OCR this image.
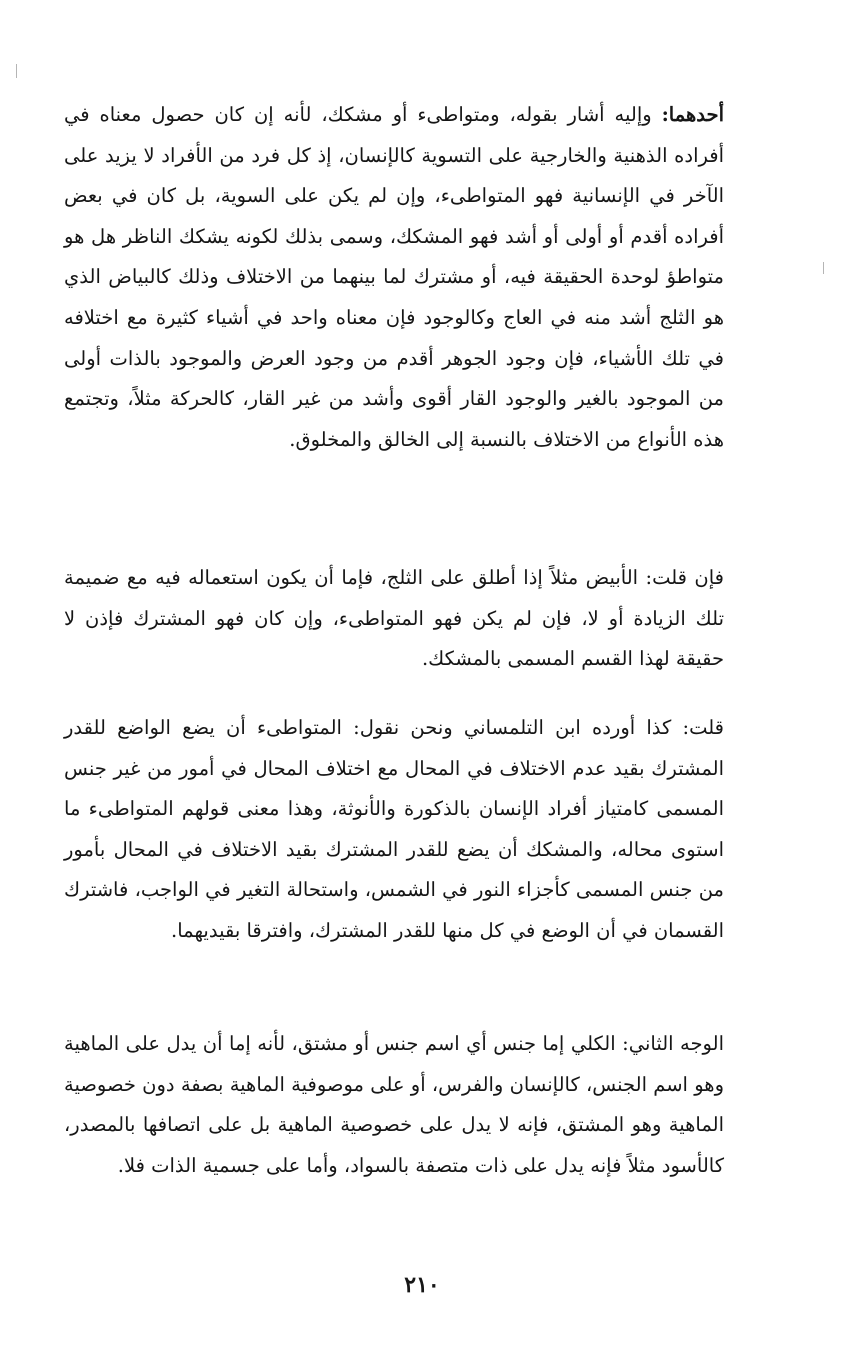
أحدهما: وإليه أشار بقوله، ومتواطىء أو مشكك، لأنه إن كان حصول معناه في أفراده الذهنية والخارجية على التسوية كالإنسان، إذ كل فرد من الأفراد لا يزيد على الآخر في الإنسانية فهو المتواطىء، وإن لم يكن على السوية، بل كان في بعض أفراده أقدم أو أولى أو أشد فهو المشكك، وسمى بذلك لكونه يشكك الناظر هل هو متواطؤ لوحدة الحقيقة فيه، أو مشترك لما بينهما من الاختلاف وذلك كالبياض الذي هو الثلج أشد منه في العاج وكالوجود فإن معناه واحد في أشياء كثيرة مع اختلافه في تلك الأشياء، فإن وجود الجوهر أقدم من وجود العرض والموجود بالذات أولى من الموجود بالغير والوجود القار أقوى وأشد من غير القار، كالحركة مثلاً، وتجتمع هذه الأنواع من الاختلاف بالنسبة إلى الخالق والمخلوق.

فإن قلت: الأبيض مثلاً إذا أطلق على الثلج، فإما أن يكون استعماله فيه مع ضميمة تلك الزيادة أو لا، فإن لم يكن فهو المتواطىء، وإن كان فهو المشترك فإذن لا حقيقة لهذا القسم المسمى بالمشكك.

قلت: كذا أورده ابن التلمساني ونحن نقول: المتواطىء أن يضع الواضع للقدر المشترك بقيد عدم الاختلاف في المحال مع اختلاف المحال في أمور من غير جنس المسمى كامتياز أفراد الإنسان بالذكورة والأنوثة، وهذا معنى قولهم المتواطىء ما استوى محاله، والمشكك أن يضع للقدر المشترك بقيد الاختلاف في المحال بأمور من جنس المسمى كأجزاء النور في الشمس، واستحالة التغير في الواجب، فاشترك القسمان في أن الوضع في كل منها للقدر المشترك، وافترقا بقيديهما.

الوجه الثاني: الكلي إما جنس أي اسم جنس أو مشتق، لأنه إما أن يدل على الماهية وهو اسم الجنس، كالإنسان والفرس، أو على موصوفية الماهية بصفة دون خصوصية الماهية وهو المشتق، فإنه لا يدل على خصوصية الماهية بل على اتصافها بالمصدر، كالأسود مثلاً فإنه يدل على ذات متصفة بالسواد، وأما على جسمية الذات فلا.

٢١٠
